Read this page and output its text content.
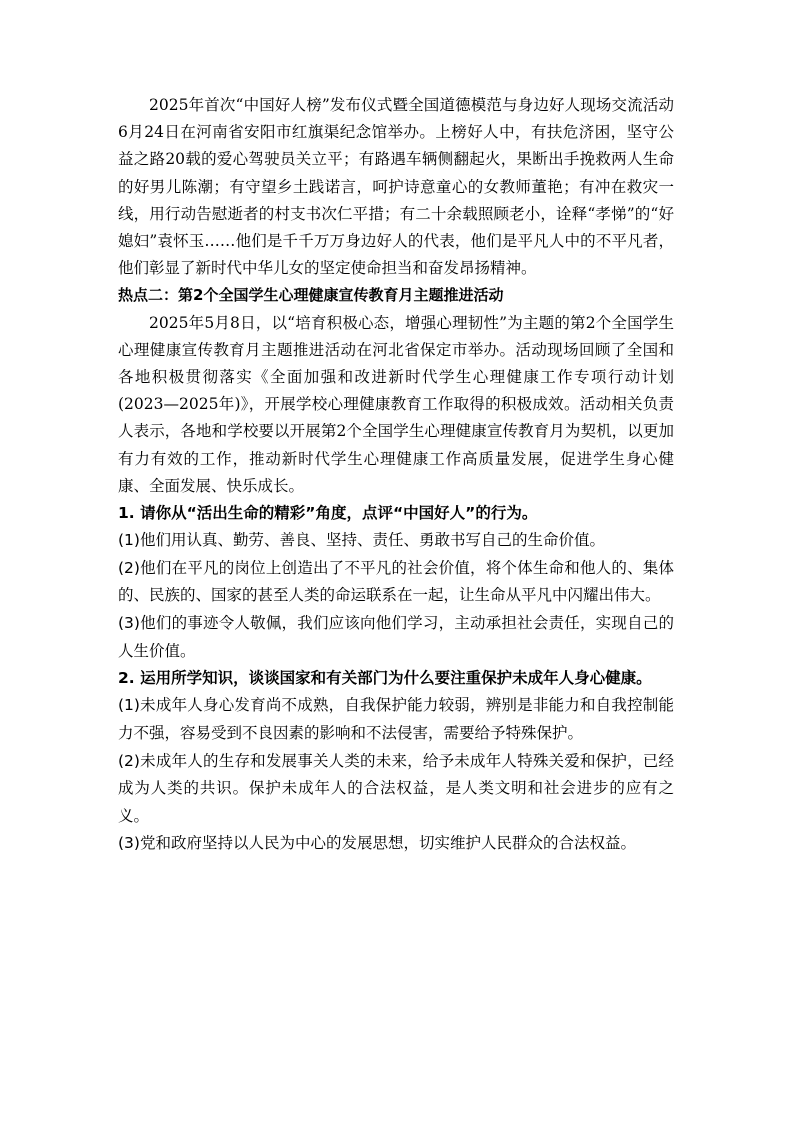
2025年首次“中国好人榜”发布仪式暨全国道德模范与身边好人现场交流活动6月24日在河南省安阳市红旗渠纪念馆举办。上榜好人中，有扶危济困，坚守公益之路20载的爱心驾驶员关立平；有路遇车辆侧翻起火，果断出手挽救两人生命的好男儿陈潮；有守望乡土践诺言，呵护诗意童心的女教师董艳；有冲在救灾一线，用行动告慰逝者的村支书次仁平措；有二十余载照顾老小，诠释“孝悌”的“好媳妇”袁怀玉……他们是千千万万身边好人的代表，他们是平凡人中的不平凡者，他们彰显了新时代中华儿女的坚定使命担当和奋发昂扬精神。

热点二：第2个全国学生心理健康宣传教育月主题推进活动

2025年5月8日，以“培育积极心态，增强心理韧性”为主题的第2个全国学生心理健康宣传教育月主题推进活动在河北省保定市举办。活动现场回顾了全国和各地积极贯彻落实《全面加强和改进新时代学生心理健康工作专项行动计划(2023—2025年)》，开展学校心理健康教育工作取得的积极成效。活动相关负责人表示，各地和学校要以开展第2个全国学生心理健康宣传教育月为契机，以更加有力有效的工作，推动新时代学生心理健康工作高质量发展，促进学生身心健康、全面发展、快乐成长。

1. 请你从“活出生命的精彩”角度，点评“中国好人”的行为。

(1)他们用认真、勤劳、善良、坚持、责任、勇敢书写自己的生命价值。

(2)他们在平凡的岗位上创造出了不平凡的社会价值，将个体生命和他人的、集体的、民族的、国家的甚至人类的命运联系在一起，让生命从平凡中闪耀出伟大。

(3)他们的事迹令人敬佩，我们应该向他们学习，主动承担社会责任，实现自己的人生价值。

2. 运用所学知识，谈谈国家和有关部门为什么要注重保护未成年人身心健康。

(1)未成年人身心发育尚不成熟，自我保护能力较弱，辨别是非能力和自我控制能力不强，容易受到不良因素的影响和不法侵害，需要给予特殊保护。

(2)未成年人的生存和发展事关人类的未来，给予未成年人特殊关爱和保护，已经成为人类的共识。保护未成年人的合法权益，是人类文明和社会进步的应有之义。

(3)党和政府坚持以人民为中心的发展思想，切实维护人民群众的合法权益。
